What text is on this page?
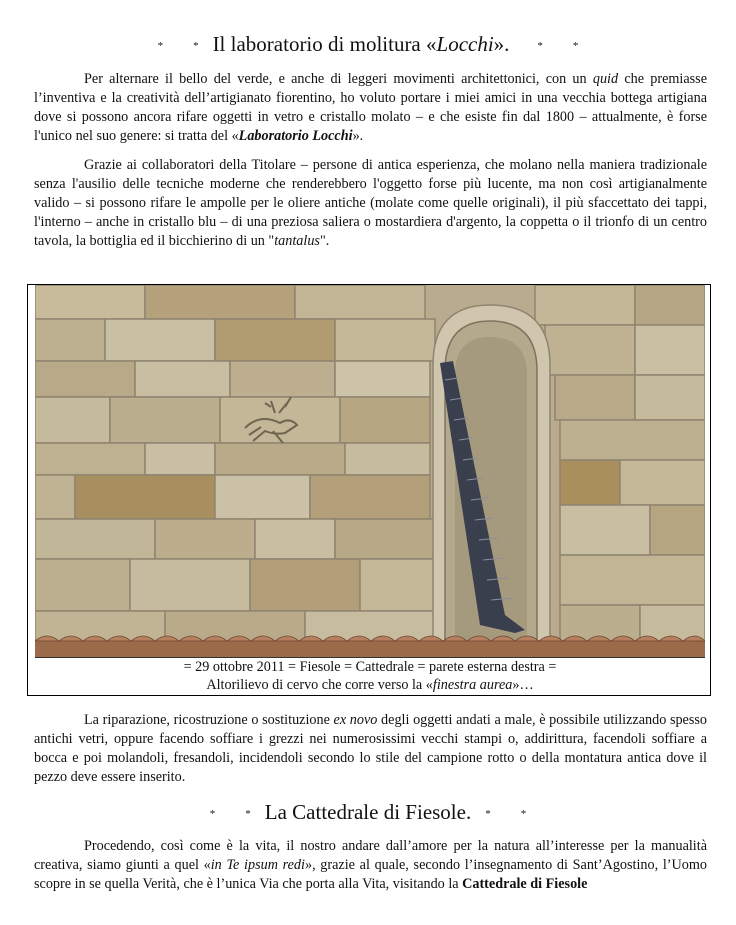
*	* Il laboratorio di molitura «Locchi».	*	*

Per alternare il bello del verde, e anche di leggeri movimenti architettonici, con un quid che premiasse l’inventiva e la creatività dell’artigianato fiorentino, ho voluto portare i miei amici in una vecchia bottega artigiana dove si possono ancora rifare oggetti in vetro e cristallo molato – e che esiste fin dal 1800 – attualmente, è forse l'unico nel suo genere: si tratta del «Laboratorio Locchi».

Grazie ai collaboratori della Titolare – persone di antica esperienza, che molano nella maniera tradizionale senza l'ausilio delle tecniche moderne che renderebbero l'oggetto forse più lucente, ma non così artigianalmente valido – si possono rifare le ampolle per le oliere antiche (molate come quelle originali), il più sfaccettato dei tappi, l'interno – anche in cristallo blu – di una preziosa saliera o mostardiera d'argento, la coppetta o il trionfo di un centro tavola, la bottiglia ed il bicchierino di un "tantalus".

= 29 ottobre 2011 = Fiesole = Cattedrale = parete esterna destra =
Altorilievo di cervo che corre verso la «finestra aurea»…

La riparazione, ricostruzione o sostituzione ex novo degli oggetti andati a male, è possibile utilizzando spesso antichi vetri, oppure facendo soffiare i grezzi nei numerosissimi vecchi stampi o, addirittura, facendoli soffiare a bocca e poi molandoli, fresandoli, incidendoli secondo lo stile del campione rotto o della montatura antica dove il pezzo deve essere inserito.

*	* La Cattedrale di Fiesole. *	*

Procedendo, così come è la vita, il nostro andare dall’amore per la natura all’interesse per la manualità creativa, siamo giunti a quel «in Te ipsum redi», grazie al quale, secondo l’insegnamento di Sant’Agostino, l’Uomo scopre in se quella Verità, che è l’unica Via che porta alla Vita, visitando la Cattedrale di Fiesole
